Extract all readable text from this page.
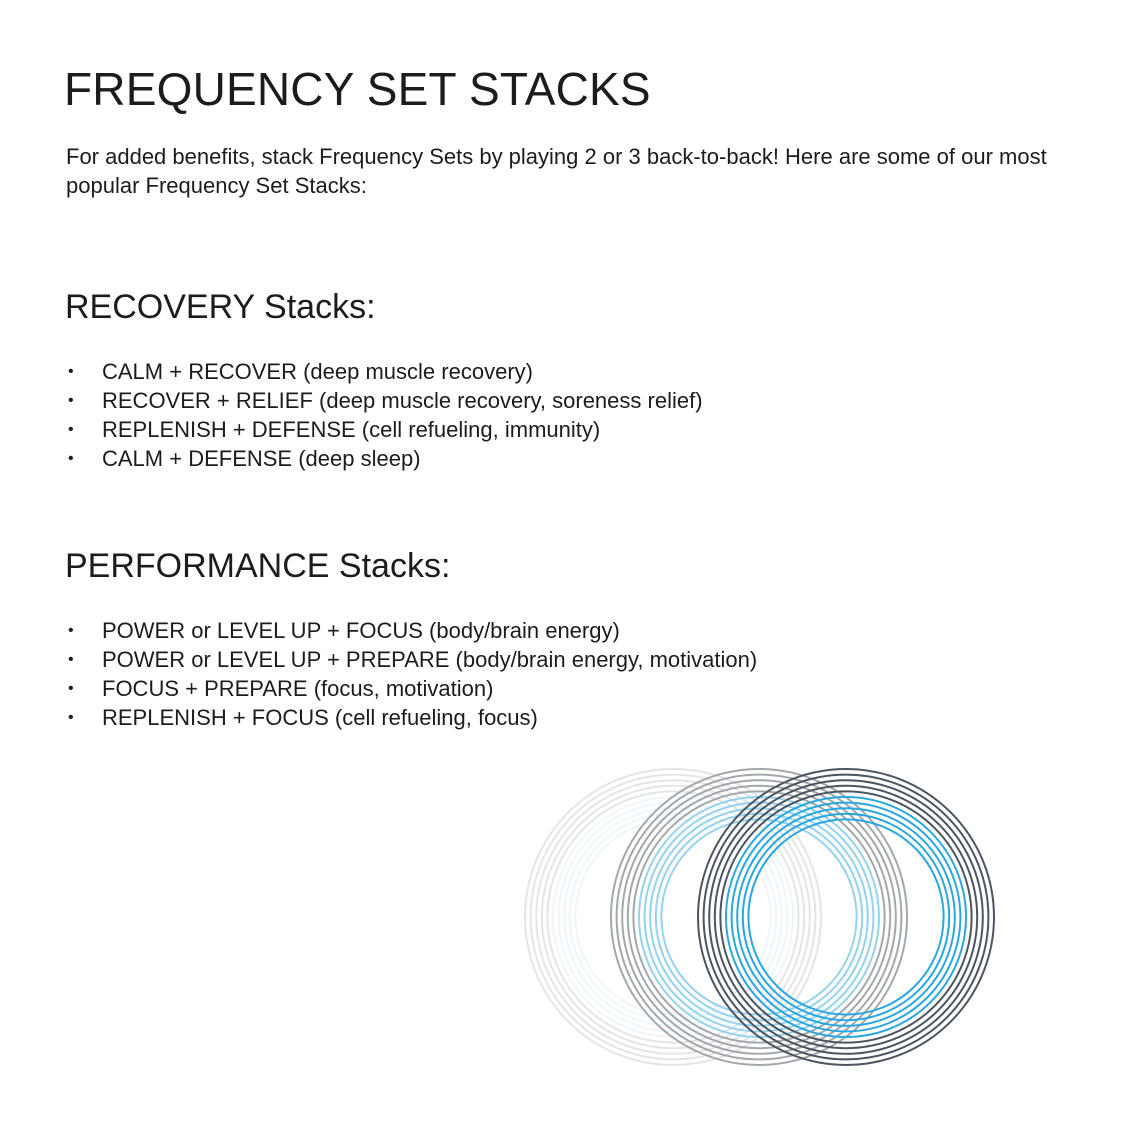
FREQUENCY SET STACKS

For added benefits, stack Frequency Sets by playing 2 or 3 back-to-back! Here are some of our most popular Frequency Set Stacks:

RECOVERY Stacks:
• CALM + RECOVER (deep muscle recovery)
• RECOVER + RELIEF (deep muscle recovery, soreness relief)
• REPLENISH + DEFENSE (cell refueling, immunity)
• CALM + DEFENSE (deep sleep)
PERFORMANCE Stacks:
• POWER or LEVEL UP + FOCUS (body/brain energy)
• POWER or LEVEL UP + PREPARE (body/brain energy, motivation)
• FOCUS + PREPARE (focus, motivation)
• REPLENISH + FOCUS (cell refueling, focus)
